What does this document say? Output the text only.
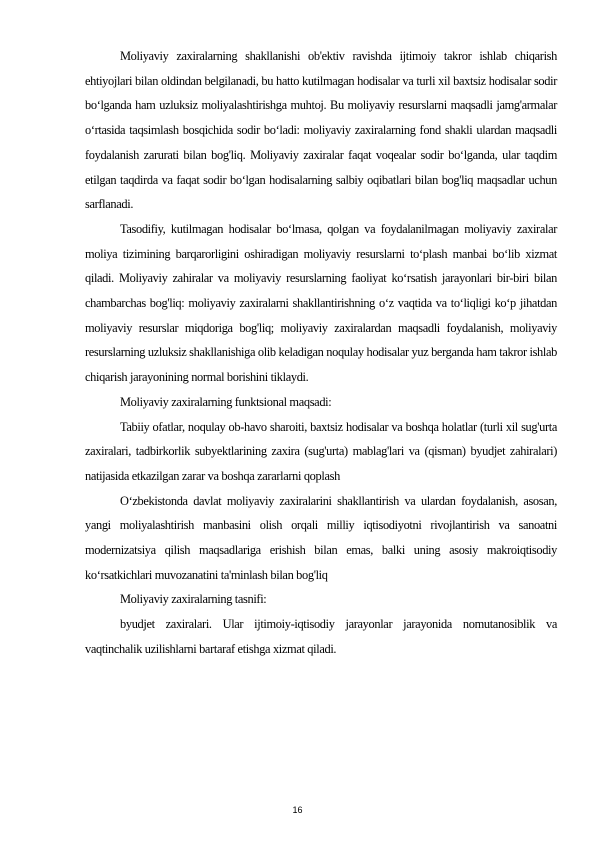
Moliyaviy zaxiralarning shakllanishi ob'ektiv ravishda ijtimoiy takror ishlab chiqarish ehtiyojlari bilan oldindan belgilanadi, bu hatto kutilmagan hodisalar va turli xil baxtsiz hodisalar sodir bo‘lganda ham uzluksiz moliyalashtirishga muhtoj. Bu moliyaviy resurslarni maqsadli jamg'armalar o‘rtasida taqsimlash bosqichida sodir bo‘ladi: moliyaviy zaxiralarning fond shakli ulardan maqsadli foydalanish zarurati bilan bog'liq. Moliyaviy zaxiralar faqat voqealar sodir bo‘lganda, ular taqdim etilgan taqdirda va faqat sodir bo‘lgan hodisalarning salbiy oqibatlari bilan bog'liq maqsadlar uchun sarflanadi.

Tasodifiy, kutilmagan hodisalar bo‘lmasa, qolgan va foydalanilmagan moliyaviy zaxiralar moliya tizimining barqarorligini oshiradigan moliyaviy resurslarni to‘plash manbai bo‘lib xizmat qiladi. Moliyaviy zahiralar va moliyaviy resurslarning faoliyat ko‘rsatish jarayonlari bir-biri bilan chambarchas bog'liq: moliyaviy zaxiralarni shakllantirishning o‘z vaqtida va to‘liqligi ko‘p jihatdan moliyaviy resurslar miqdoriga bog'liq; moliyaviy zaxiralardan maqsadli foydalanish, moliyaviy resurslarning uzluksiz shakllanishiga olib keladigan noqulay hodisalar yuz berganda ham takror ishlab chiqarish jarayonining normal borishini tiklaydi.

Moliyaviy zaxiralarning funktsional maqsadi:

Tabiiy ofatlar, noqulay ob-havo sharoiti, baxtsiz hodisalar va boshqa holatlar (turli xil sug'urta zaxiralari, tadbirkorlik subyektlarining zaxira (sug'urta) mablag'lari va (qisman) byudjet zahiralari) natijasida etkazilgan zarar va boshqa zararlarni qoplash

O‘zbekistonda davlat moliyaviy zaxiralarini shakllantirish va ulardan foydalanish, asosan, yangi moliyalashtirish manbasini olish orqali milliy iqtisodiyotni rivojlantirish va sanoatni modernizatsiya qilish maqsadlariga erishish bilan emas, balki uning asosiy makroiqtisodiy ko‘rsatkichlari muvozanatini ta'minlash bilan bog'liq

Moliyaviy zaxiralarning tasnifi:

byudjet zaxiralari. Ular ijtimoiy-iqtisodiy jarayonlar jarayonida nomutanosiblik va vaqtinchalik uzilishlarni bartaraf etishga xizmat qiladi.

16
